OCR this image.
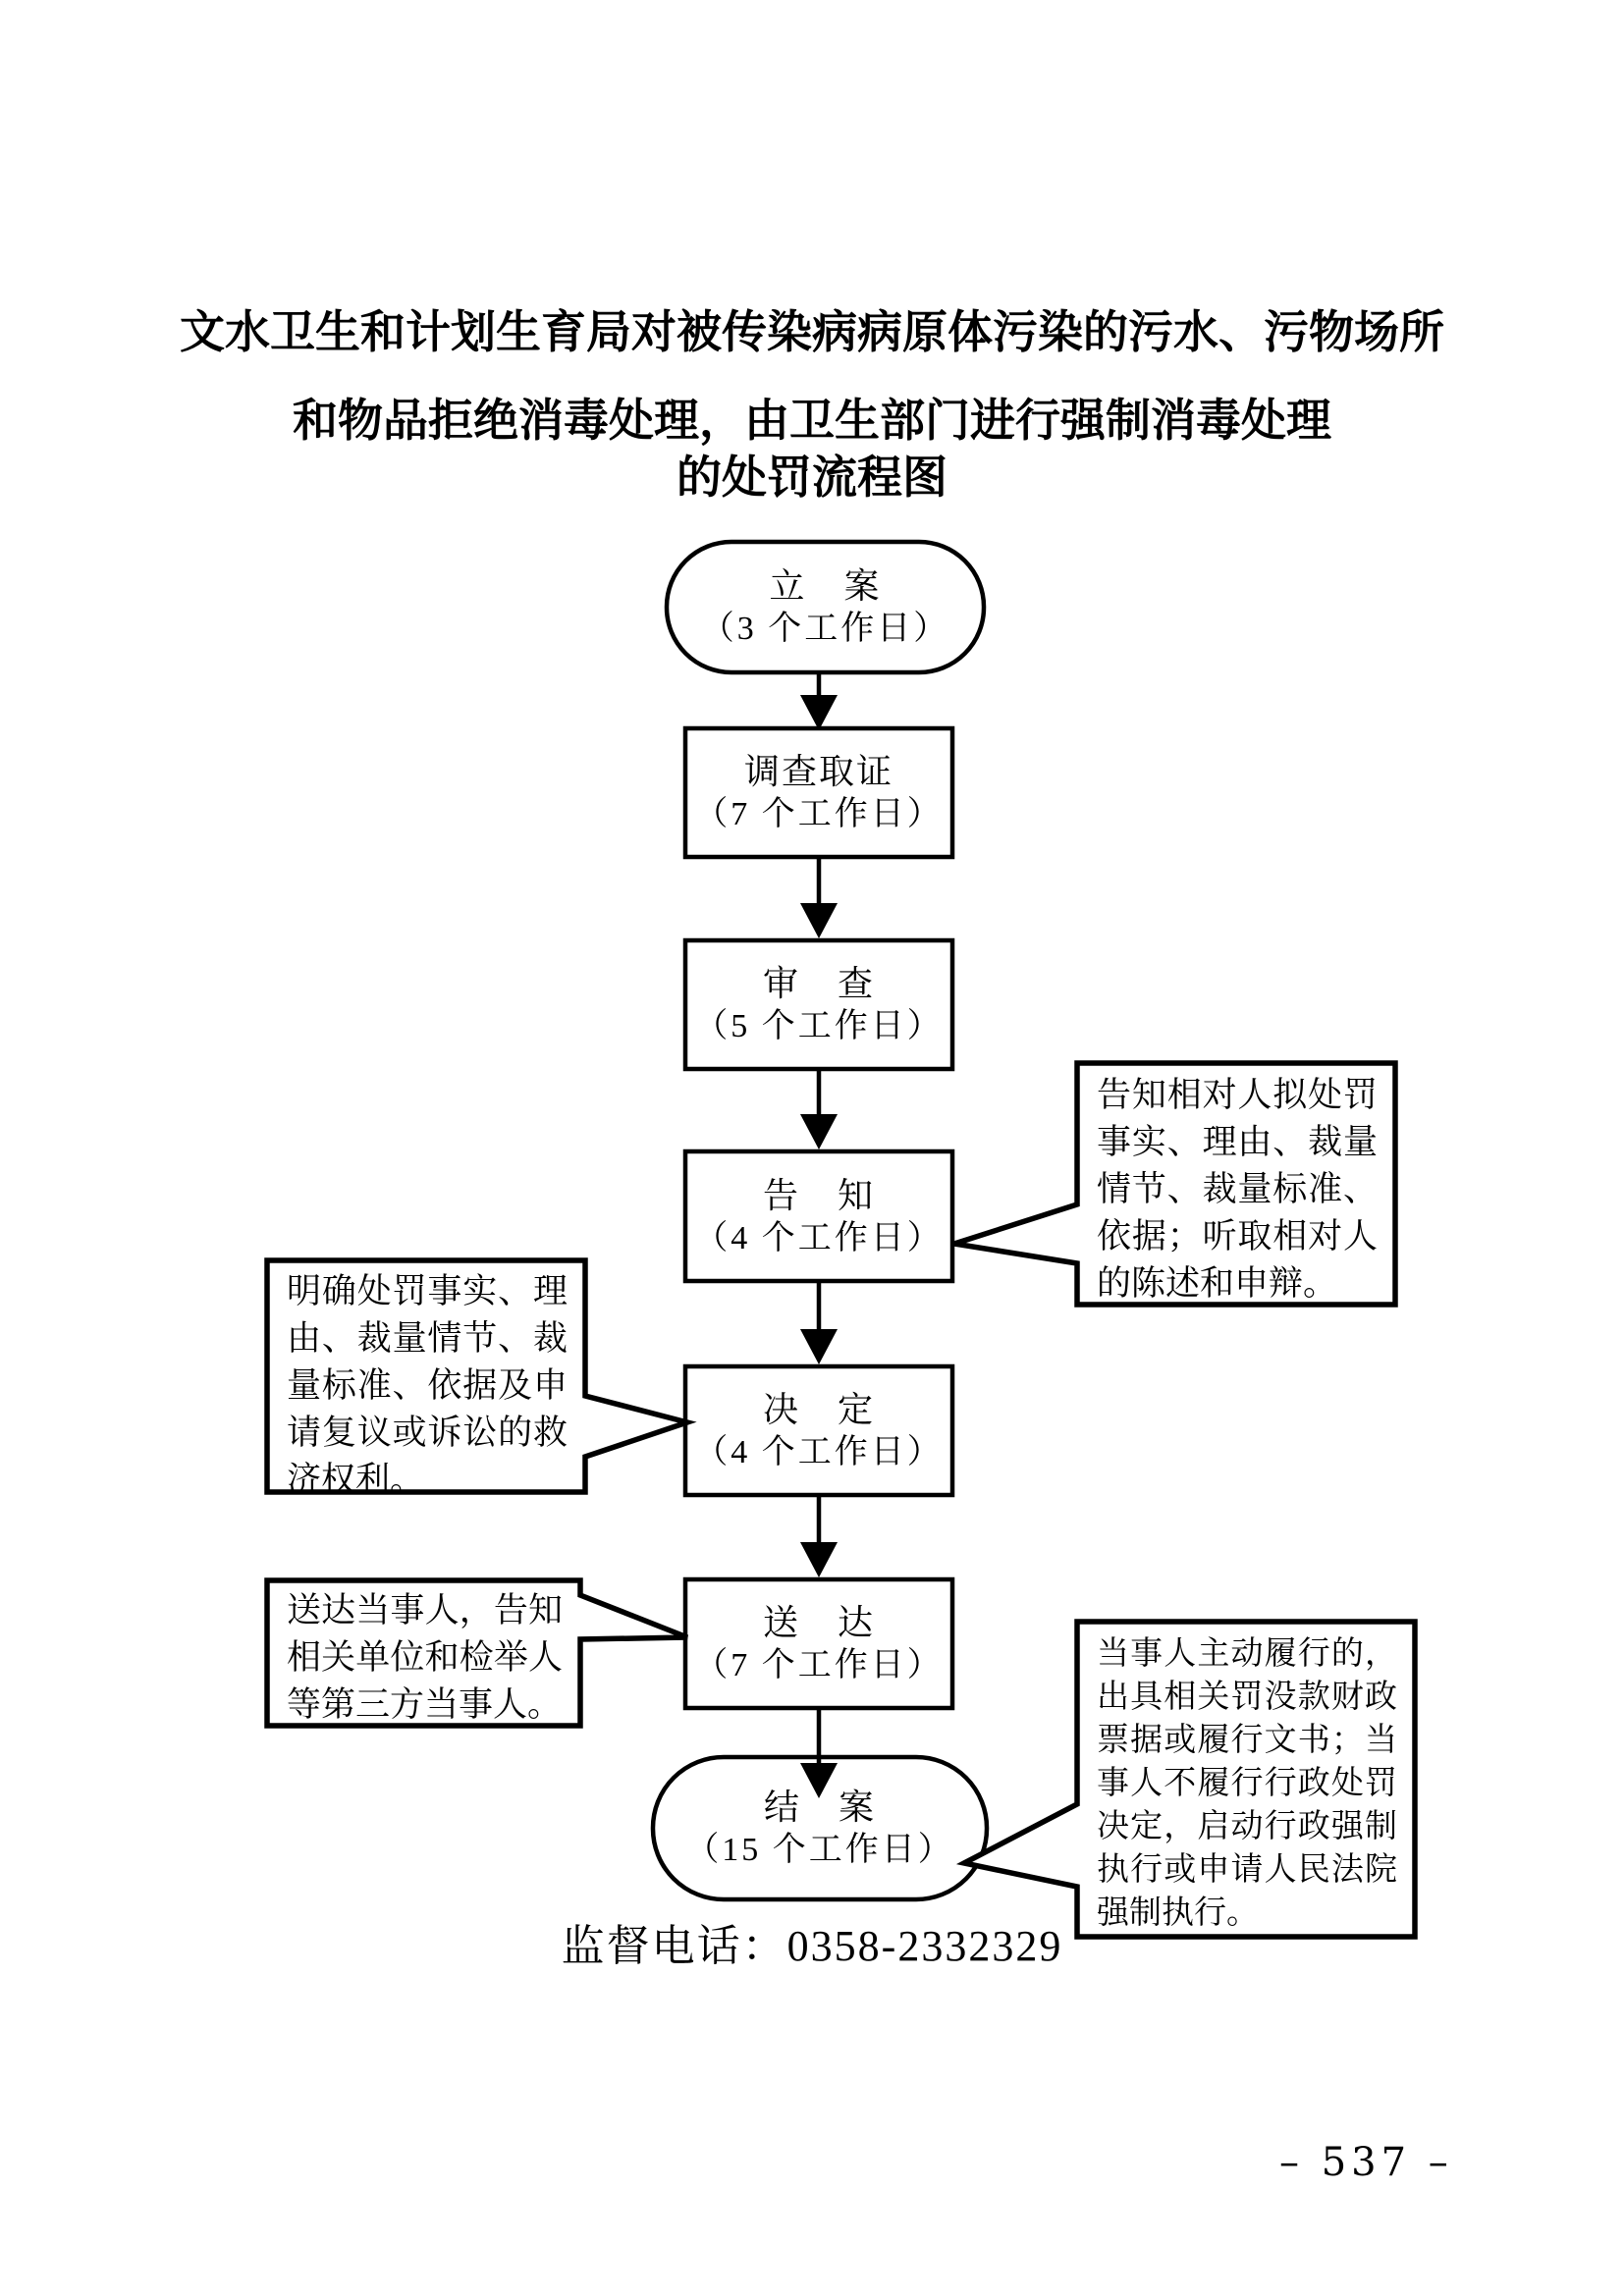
文水卫生和计划生育局对被传染病病原体污染的污水、污物场所
和物品拒绝消毒处理，由卫生部门进行强制消毒处理
的处罚流程图
立　案
（3 个工作日）
调查取证
（7 个工作日）
审　查
（5 个工作日）
告　知
（4 个工作日）
决　定
（4 个工作日）
送　达
（7 个工作日）
结　案
（15 个工作日）
告知相对人拟处罚
事实、理由、裁量
情节、裁量标准、
依据；听取相对人
的陈述和申辩。
明确处罚事实、理
由、裁量情节、裁
量标准、依据及申
请复议或诉讼的救
济权利。
送达当事人，告知
相关单位和检举人
等第三方当事人。
当事人主动履行的，
出具相关罚没款财政
票据或履行文书；当
事人不履行行政处罚
决定，启动行政强制
执行或申请人民法院
强制执行。
监督电话：0358-2332329
– 537 –
